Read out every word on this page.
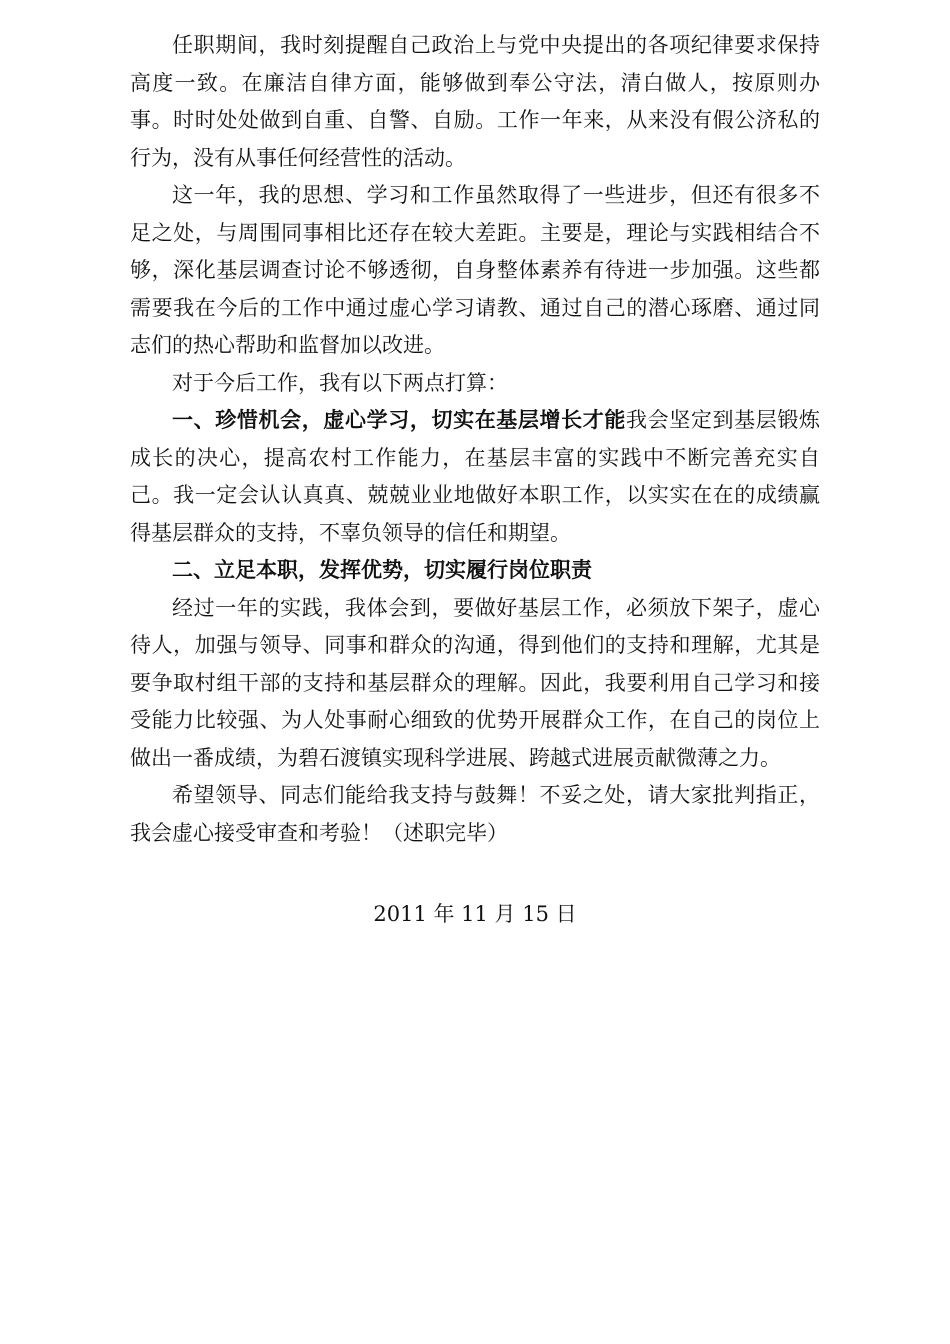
任职期间，我时刻提醒自己政治上与党中央提出的各项纪律要求保持高度一致。在廉洁自律方面，能够做到奉公守法，清白做人，按原则办事。时时处处做到自重、自警、自励。工作一年来，从来没有假公济私的行为，没有从事任何经营性的活动。

这一年，我的思想、学习和工作虽然取得了一些进步，但还有很多不足之处，与周围同事相比还存在较大差距。主要是，理论与实践相结合不够，深化基层调查讨论不够透彻，自身整体素养有待进一步加强。这些都需要我在今后的工作中通过虚心学习请教、通过自己的潜心琢磨、通过同志们的热心帮助和监督加以改进。

对于今后工作，我有以下两点打算：

一、珍惜机会，虚心学习，切实在基层增长才能我会坚定到基层锻炼成长的决心，提高农村工作能力，在基层丰富的实践中不断完善充实自己。我一定会认认真真、兢兢业业地做好本职工作，以实实在在的成绩赢得基层群众的支持，不辜负领导的信任和期望。

二、立足本职，发挥优势，切实履行岗位职责

经过一年的实践，我体会到，要做好基层工作，必须放下架子，虚心待人，加强与领导、同事和群众的沟通，得到他们的支持和理解，尤其是要争取村组干部的支持和基层群众的理解。因此，我要利用自己学习和接受能力比较强、为人处事耐心细致的优势开展群众工作，在自己的岗位上做出一番成绩，为碧石渡镇实现科学进展、跨越式进展贡献微薄之力。

希望领导、同志们能给我支持与鼓舞！不妥之处，请大家批判指正，我会虚心接受审查和考验！（述职完毕）

2011 年 11 月 15 日
